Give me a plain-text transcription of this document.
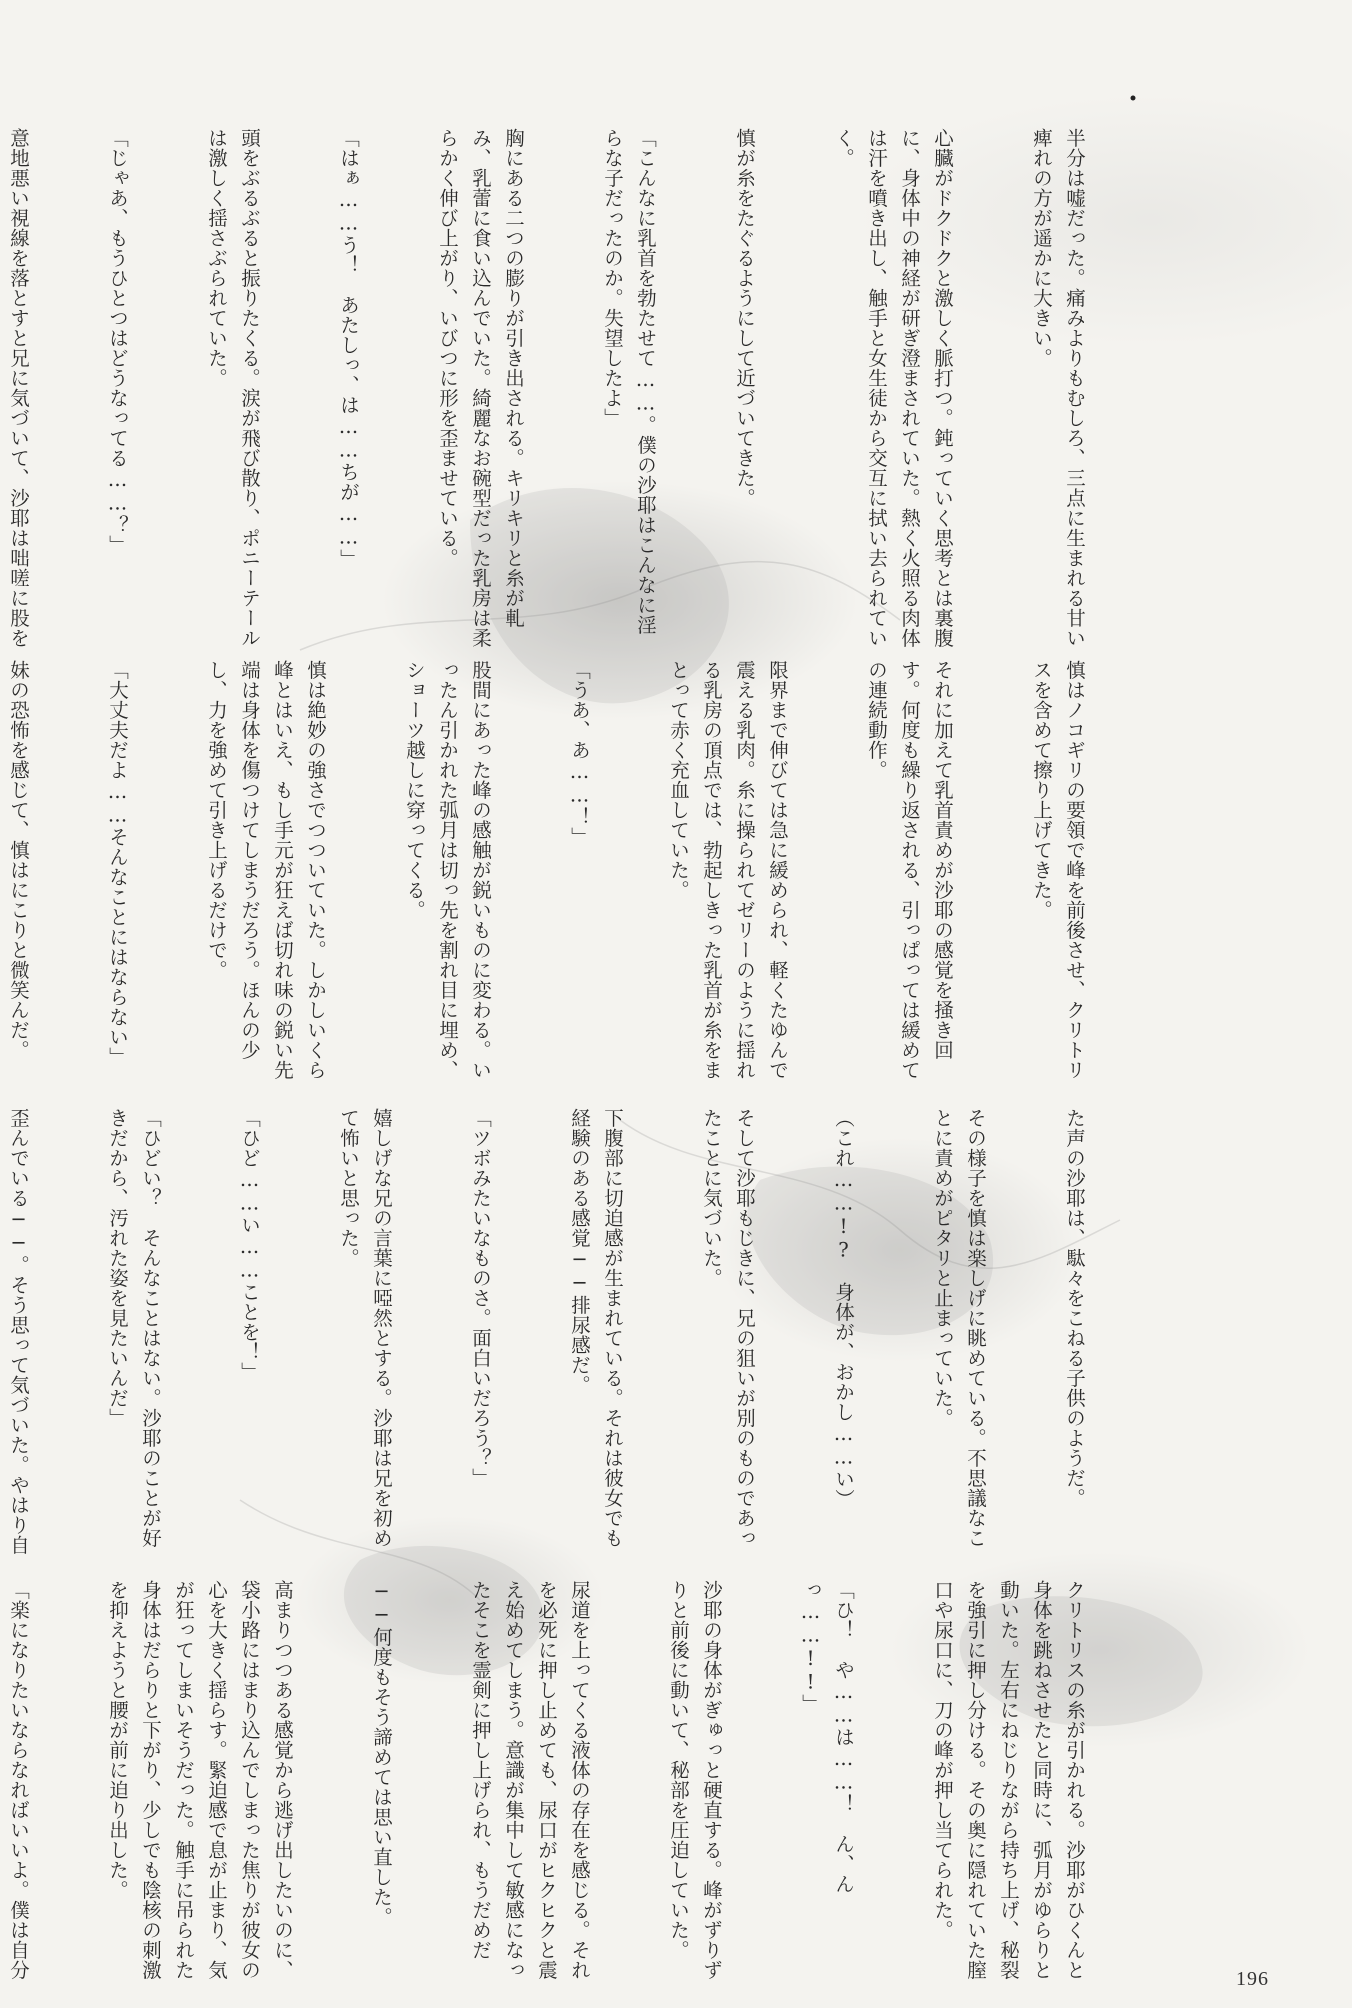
半分は嘘だった。痛みよりもむしろ、三点に生まれる甘い痺れの方が遥かに大きい。

心臓がドクドクと激しく脈打つ。鈍っていく思考とは裏腹に、身体中の神経が研ぎ澄まされていた。熱く火照る肉体は汗を噴き出し、触手と女生徒から交互に拭い去られていく。

慎が糸をたぐるようにして近づいてきた。

「こんなに乳首を勃たせて……。僕の沙耶はこんなに淫らな子だったのか。失望したよ」

胸にある二つの膨りが引き出される。キリキリと糸が軋み、乳蕾に食い込んでいた。綺麗なお碗型だった乳房は柔らかく伸び上がり、いびつに形を歪ませている。

「はぁ……う！　あたしっ、は……ちが……」

頭をぶるぶると振りたくる。涙が飛び散り、ポニーテールは激しく揺さぶられていた。

「じゃあ、もうひとつはどうなってる……？」

意地悪い視線を落とすと兄に気づいて、沙耶は咄嗟に股を

慎はノコギリの要領で峰を前後させ、クリトリスを含めて擦り上げてきた。

それに加えて乳首責めが沙耶の感覚を掻き回す。何度も繰り返される、引っぱっては緩めての連続動作。

限界まで伸びては急に緩められ、軽くたゆんで震える乳肉。糸に操られてゼリーのように揺れる乳房の頂点では、勃起しきった乳首が糸をまとって赤く充血していた。

「うあ、あ……！」

股間にあった峰の感触が鋭いものに変わる。いったん引かれた弧月は切っ先を割れ目に埋め、ショーツ越しに穿ってくる。

慎は絶妙の強さでつついていた。しかしいくら峰とはいえ、もし手元が狂えば切れ味の鋭い先端は身体を傷つけてしまうだろう。ほんの少し、力を強めて引き上げるだけで。

「大丈夫だよ……そんなことにはならない」

妹の恐怖を感じて、慎はにこりと微笑んだ。

た声の沙耶は、駄々をこねる子供のようだ。

その様子を慎は楽しげに眺めている。不思議なことに責めがピタリと止まっていた。

（これ……!?　身体が、おかし……い）

そして沙耶もじきに、兄の狙いが別のものであったことに気づいた。

下腹部に切迫感が生まれている。それは彼女でも経験のある感覚──排尿感だ。

「ツボみたいなものさ。面白いだろう？」

嬉しげな兄の言葉に啞然とする。沙耶は兄を初めて怖いと思った。

「ひど……い……ことを！」

「ひどい？　そんなことはない。沙耶のことが好きだから、汚れた姿を見たいんだ」

歪んでいる──。そう思って気づいた。やはり自

クリトリスの糸が引かれる。沙耶がひくんと身体を跳ねさせたと同時に、弧月がゆらりと動いた。左右にねじりながら持ち上げ、秘裂を強引に押し分ける。その奥に隠れていた膣口や尿口に、刀の峰が押し当てられた。

「ひ！　や……は……！　ん、んっ……!!」

沙耶の身体がぎゅっと硬直する。峰がずりずりと前後に動いて、秘部を圧迫していた。

尿道を上ってくる液体の存在を感じる。それを必死に押し止めても、尿口がヒクヒクと震え始めてしまう。意識が集中して敏感になったそこを霊剣に押し上げられ、もうだめだ

──何度もそう諦めては思い直した。

高まりつつある感覚から逃げ出したいのに、袋小路にはまり込んでしまった焦りが彼女の心を大きく揺らす。緊迫感で息が止まり、気が狂ってしまいそうだった。触手に吊られた身体はだらりと下がり、少しでも陰核の刺激を抑えようと腰が前に迫り出した。

「楽になりたいならなればいいよ。僕は自分

	196
